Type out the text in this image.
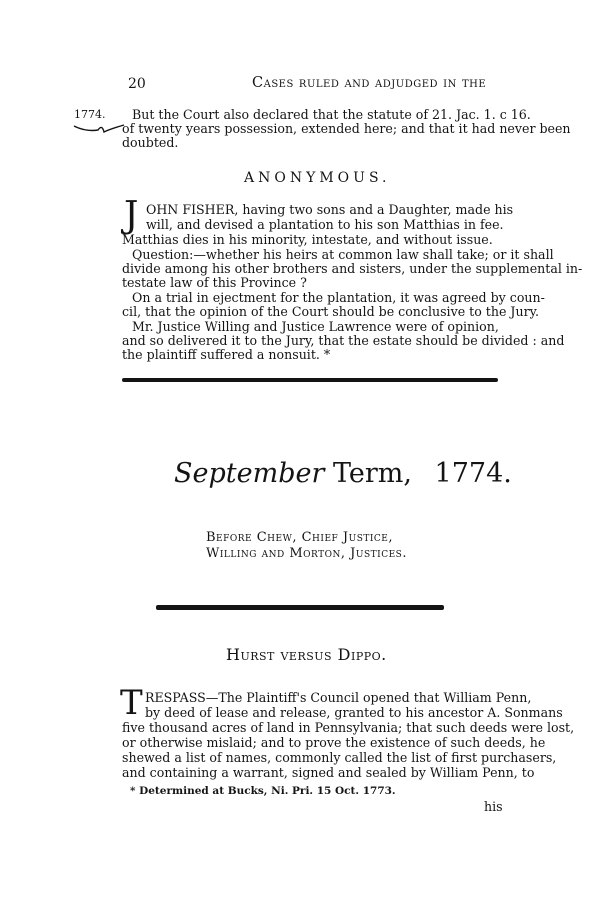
20	Cases ruled and adjudged in the
1774. But the Court also declared that the statute of 21. Jac. 1. c 16.
of twenty years possession, extended here; and that it had never been
doubted.
ANONYMOUS.
J OHN FISHER, having two sons and a Daughter, made his
will, and devised a plantation to his son Matthias in fee.
Matthias dies in his minority, intestate, and without issue.
Question:—whether his heirs at common law shall take; or it shall
divide among his other brothers and sisters, under the supplemental in-
testate law of this Province ?
On a trial in ejectment for the plantation, it was agreed by coun-
cil, that the opinion of the Court should be conclusive to the Jury.
Mr. Justice Willing and Justice Lawrence were of opinion,
and so delivered it to the Jury, that the estate should be divided : and
the plaintiff suffered a nonsuit. *
September Term, 1774.
Before Chew, Chief Justice,
Willing and Morton, Justices.
Hurst versus Dippo.
T RESPASS—The Plaintiff's Council opened that William Penn,
by deed of lease and release, granted to his ancestor A. Sonmans
five thousand acres of land in Pennsylvania; that such deeds were lost,
or otherwise mislaid; and to prove the existence of such deeds, he
shewed a list of names, commonly called the list of first purchasers,
and containing a warrant, signed and sealed by William Penn, to
* Determined at Bucks, Ni. Pri. 15 Oct. 1773.
his
